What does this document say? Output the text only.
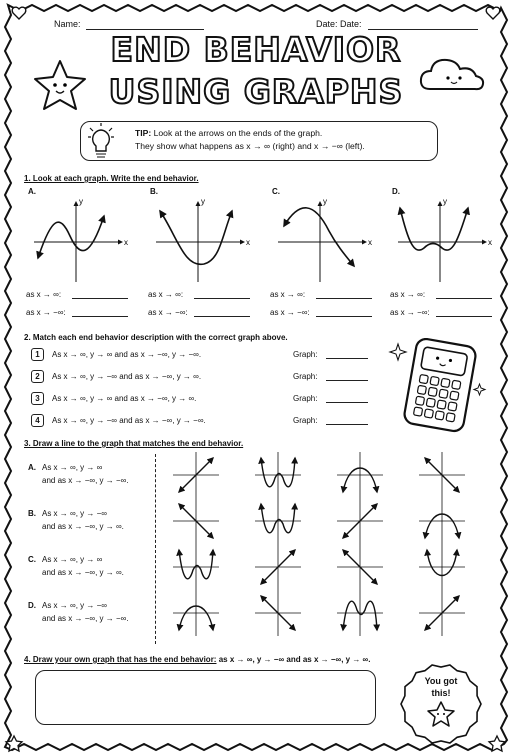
Name:	Date: Date:
END BEHAVIOR
USING GRAPHS
TIP: Look at the arrows on the ends of the graph.
They show what happens as x → ∞ (right) and x → −∞ (left).
1. Look at each graph. Write the end behavior.
A.
x
y
as x → ∞:
as x → −∞:
B.
x
y
as x → ∞:
as x → −∞:
C.
x
y
as x → ∞:
as x → −∞:
D.
x
y
as x → ∞:
as x → −∞:
2. Match each end behavior description with the correct graph above.
1	As x → ∞, y → ∞ and as x → −∞, y → −∞.	Graph:
2	As x → ∞, y → −∞ and as x → −∞, y → ∞.	Graph:
3	As x → ∞, y → ∞ and as x → −∞, y → ∞.	Graph:
4	As x → ∞, y → −∞ and as x → −∞, y → −∞.	Graph:
3. Draw a line to the graph that matches the end behavior.
A. As x → ∞, y → ∞
and as x → −∞, y → −∞.
B. As x → ∞, y → −∞
and as x → −∞, y → ∞.
C. As x → ∞, y → ∞
and as x → −∞, y → ∞.
D. As x → ∞, y → −∞
and as x → −∞, y → −∞.
4. Draw your own graph that has the end behavior: as x → ∞, y → −∞ and as x → −∞, y → ∞.
You got
this!
